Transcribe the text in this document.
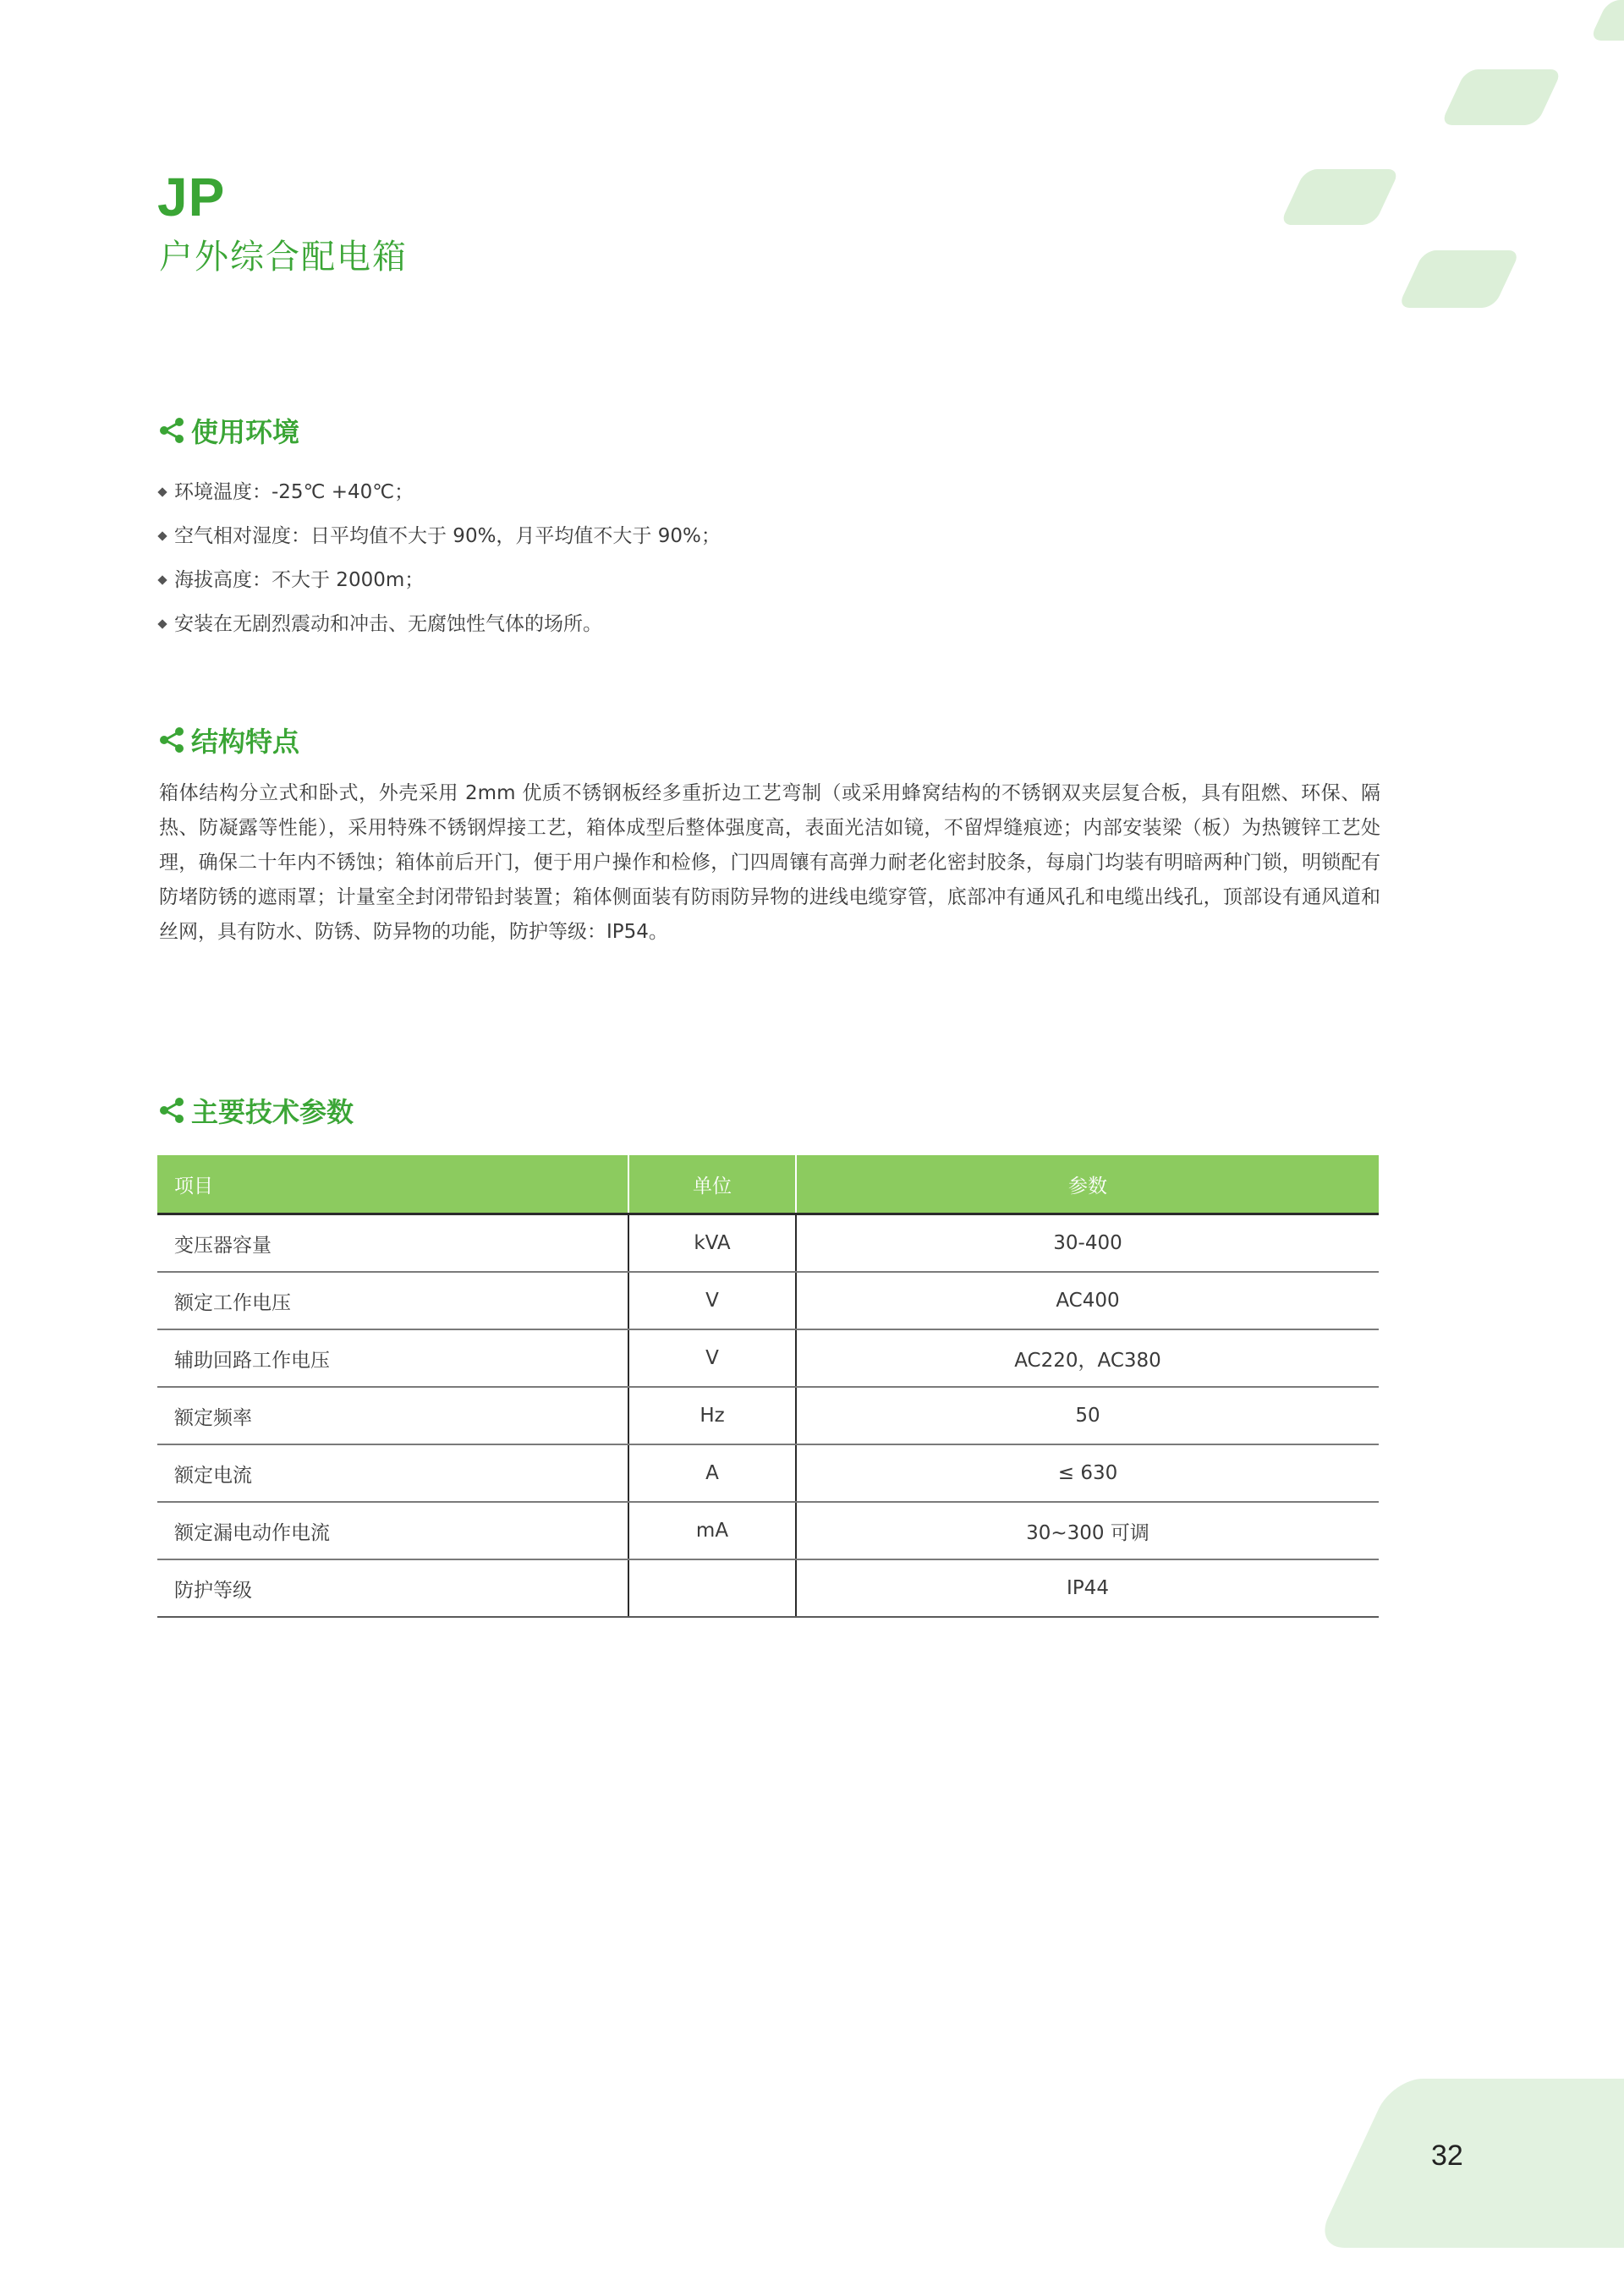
JP
户外综合配电箱
使用环境
环境温度：-25℃ +40℃；
空气相对湿度：日平均值不大于 90%，月平均值不大于 90%；
海拔高度：不大于 2000m；
安装在无剧烈震动和冲击、无腐蚀性气体的场所。
结构特点
箱体结构分立式和卧式，外壳采用 2mm 优质不锈钢板经多重折边工艺弯制（或采用蜂窝结构的不锈钢双夹层复合板，具有阻燃、环保、隔热、防凝露等性能），采用特殊不锈钢焊接工艺，箱体成型后整体强度高，表面光洁如镜，不留焊缝痕迹；内部安装梁（板）为热镀锌工艺处理，确保二十年内不锈蚀；箱体前后开门，便于用户操作和检修，门四周镶有高弹力耐老化密封胶条，每扇门均装有明暗两种门锁，明锁配有防堵防锈的遮雨罩；计量室全封闭带铅封装置；箱体侧面装有防雨防异物的进线电缆穿管，底部冲有通风孔和电缆出线孔，顶部设有通风道和丝网，具有防水、防锈、防异物的功能，防护等级：IP54。
主要技术参数
项目	单位	参数
变压器容量	kVA	30-400
额定工作电压	V	AC400
辅助回路工作电压	V	AC220，AC380
额定频率	Hz	50
额定电流	A	≤ 630
额定漏电动作电流	mA	30~300 可调
防护等级		IP44
32
